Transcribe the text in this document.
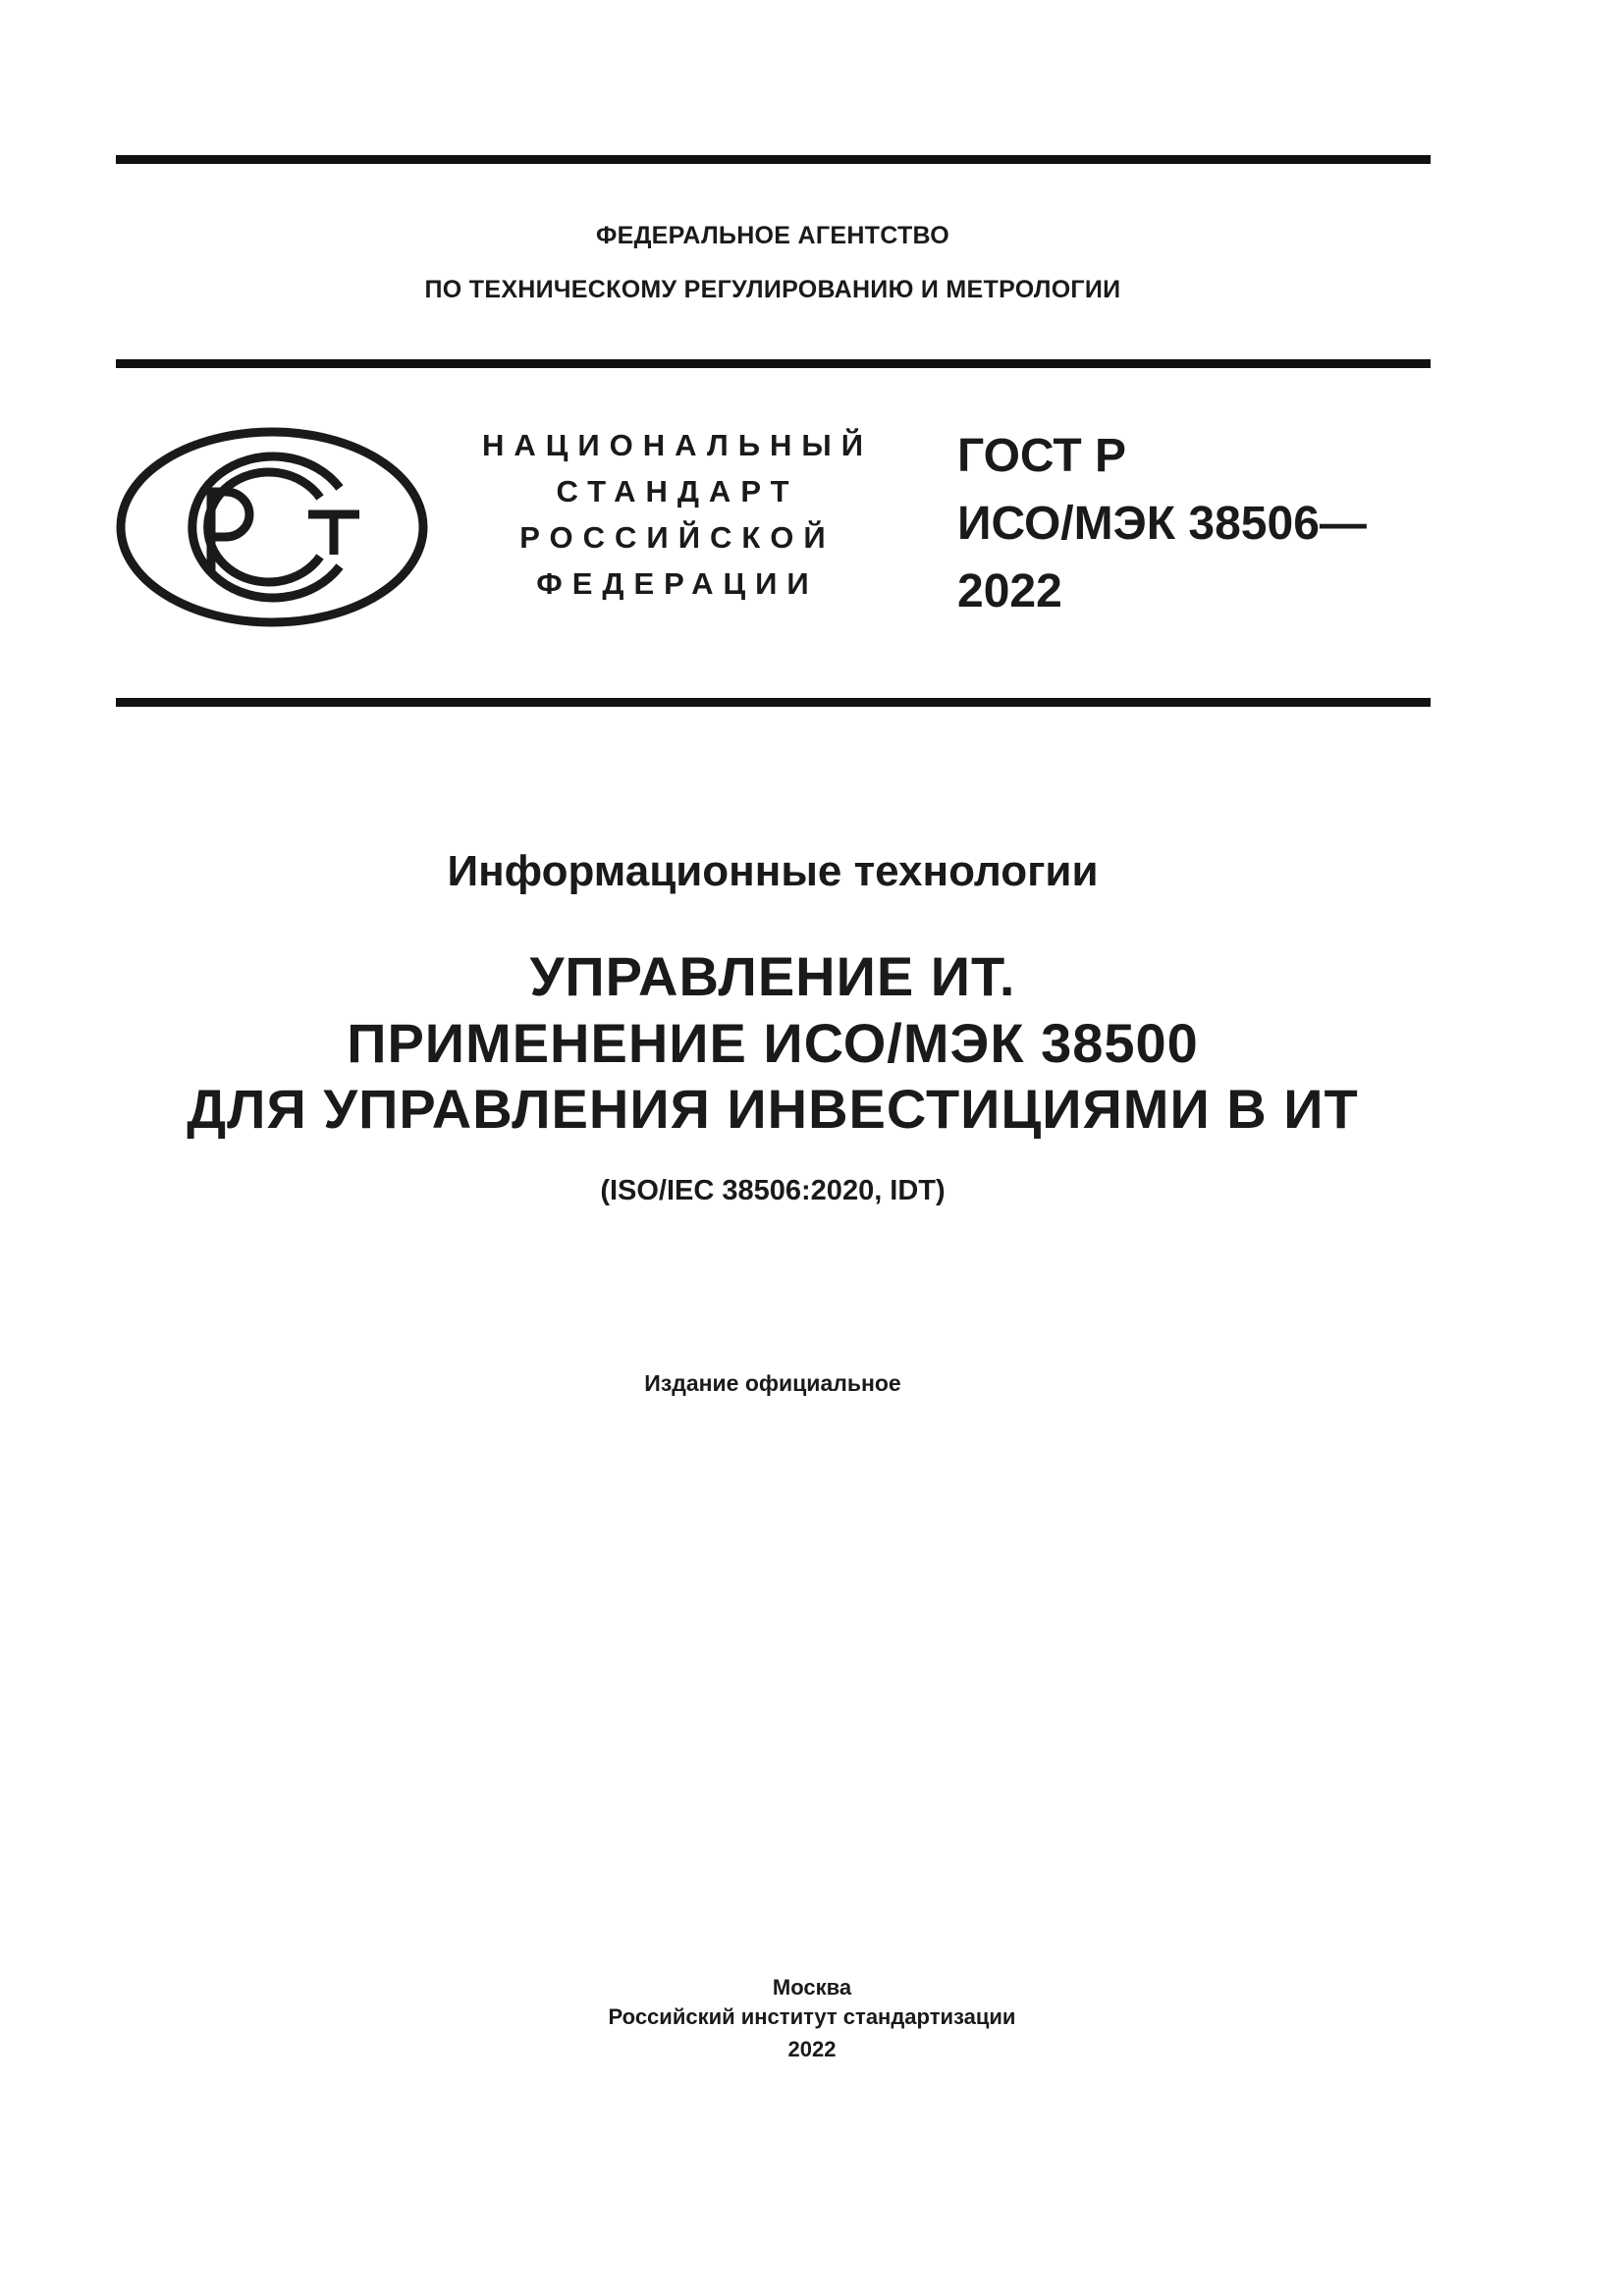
ФЕДЕРАЛЬНОЕ АГЕНТСТВО
ПО ТЕХНИЧЕСКОМУ РЕГУЛИРОВАНИЮ И МЕТРОЛОГИИ
НАЦИОНАЛЬНЫЙ
СТАНДАРТ
РОССИЙСКОЙ
ФЕДЕРАЦИИ
ГОСТ Р
ИСО/МЭК 38506—
2022
Информационные технологии
УПРАВЛЕНИЕ ИТ.
ПРИМЕНЕНИЕ ИСО/МЭК 38500
ДЛЯ УПРАВЛЕНИЯ ИНВЕСТИЦИЯМИ В ИТ
(ISO/IEC 38506:2020, IDT)
Издание официальное
Москва
Российский институт стандартизации
2022
